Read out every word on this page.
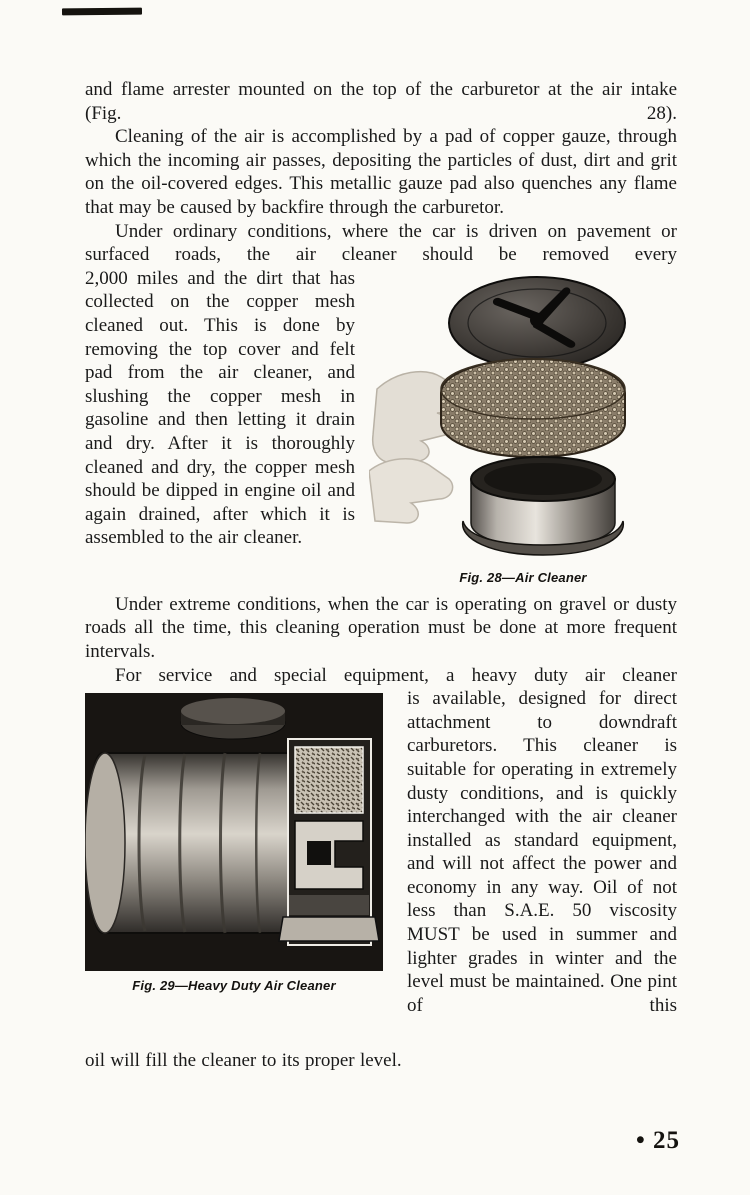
and flame arrester mounted on the top of the carburetor at the air intake (Fig. 28).

Cleaning of the air is accomplished by a pad of copper gauze, through which the incoming air passes, depositing the particles of dust, dirt and grit on the oil-covered edges. This metallic gauze pad also quenches any flame that may be caused by backfire through the carburetor.

Under ordinary conditions, where the car is driven on pavement or surfaced roads, the air cleaner should be removed every

Fig. 28—Air Cleaner

2,000 miles and the dirt that has collected on the copper mesh cleaned out. This is done by removing the top cover and felt pad from the air cleaner, and slushing the copper mesh in gasoline and then letting it drain and dry. After it is thoroughly cleaned and dry, the copper mesh should be dipped in engine oil and again drained, after which it is assembled to the air cleaner.

Under extreme conditions, when the car is operating on gravel or dusty roads all the time, this cleaning operation must be done at more frequent intervals.

For service and special equipment, a heavy duty air cleaner

Fig. 29—Heavy Duty Air Cleaner

is available, designed for direct attachment to downdraft carburetors. This cleaner is suitable for operating in extremely dusty conditions, and is quickly interchanged with the air cleaner installed as standard equipment, and will not affect the power and economy in any way. Oil of not less than S.A.E. 50 viscosity MUST be used in summer and lighter grades in winter and the level must be maintained. One pint of this

oil will fill the cleaner to its proper level.

• 25
